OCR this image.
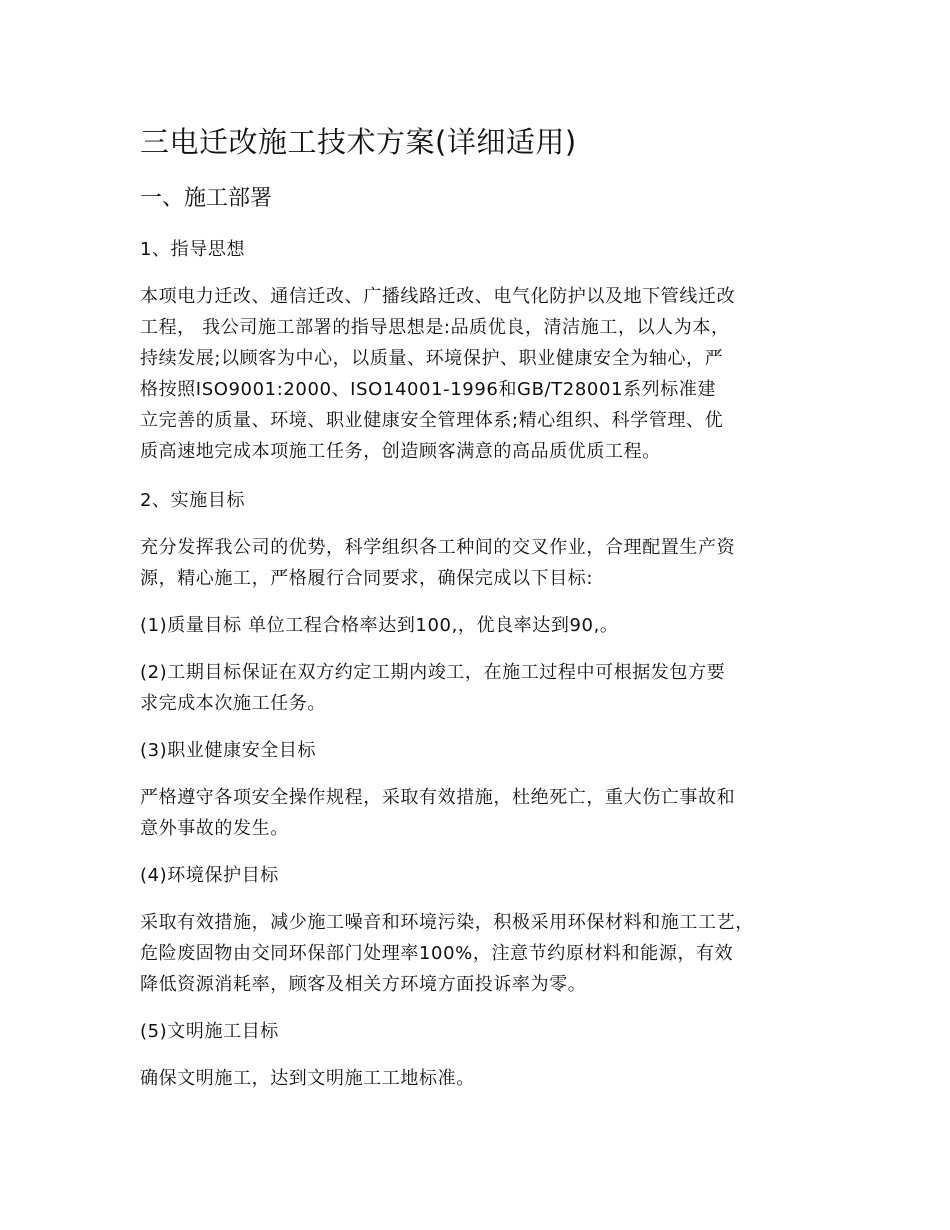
三电迁改施工技术方案(详细适用)
一、施工部署
1、指导思想

本项电力迁改、通信迁改、广播线路迁改、电气化防护以及地下管线迁改
工程， 我公司施工部署的指导思想是:品质优良，清洁施工，以人为本，
持续发展;以顾客为中心，以质量、环境保护、职业健康安全为轴心，严
格按照ISO9001:2000、ISO14001-1996和GB/T28001系列标准建
立完善的质量、环境、职业健康安全管理体系;精心组织、科学管理、优
质高速地完成本项施工任务，创造顾客满意的高品质优质工程。

2、实施目标

充分发挥我公司的优势，科学组织各工种间的交叉作业，合理配置生产资
源，精心施工，严格履行合同要求，确保完成以下目标:

(1)质量目标 单位工程合格率达到100,，优良率达到90,。

(2)工期目标保证在双方约定工期内竣工，在施工过程中可根据发包方要
求完成本次施工任务。

(3)职业健康安全目标

严格遵守各项安全操作规程，采取有效措施，杜绝死亡，重大伤亡事故和
意外事故的发生。

(4)环境保护目标

采取有效措施，减少施工噪音和环境污染，积极采用环保材料和施工工艺，
危险废固物由交同环保部门处理率100%，注意节约原材料和能源，有效
降低资源消耗率，顾客及相关方环境方面投诉率为零。

(5)文明施工目标

确保文明施工，达到文明施工工地标准。
